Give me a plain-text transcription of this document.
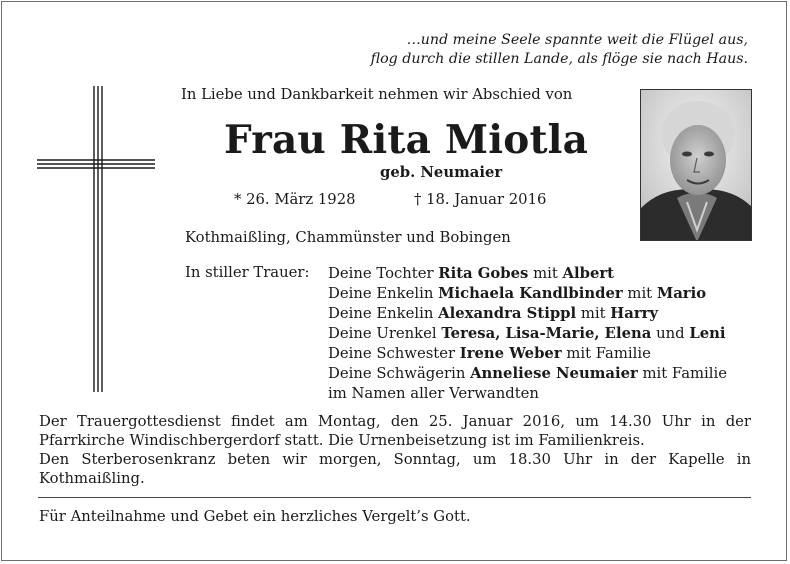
…und meine Seele spannte weit die Flügel aus,
flog durch die stillen Lande, als flöge sie nach Haus.
In Liebe und Dankbarkeit nehmen wir Abschied von
Frau Rita Miotla
geb. Neumaier
* 26. März 1928	† 18. Januar 2016
Kothmaißling, Chammünster und Bobingen
In stiller Trauer: Deine Tochter Rita Gobes mit Albert
Deine Enkelin Michaela Kandlbinder mit Mario
Deine Enkelin Alexandra Stippl mit Harry
Deine Urenkel Teresa, Lisa-Marie, Elena und Leni
Deine Schwester Irene Weber mit Familie
Deine Schwägerin Anneliese Neumaier mit Familie
im Namen aller Verwandten

Der Trauergottesdienst findet am Montag, den 25. Januar 2016, um 14.30 Uhr in der Pfarrkirche Windischbergerdorf statt. Die Urnenbeisetzung ist im Familienkreis.

Den Sterberosenkranz beten wir morgen, Sonntag, um 18.30 Uhr in der Kapelle in Kothmaißling.

Für Anteilnahme und Gebet ein herzliches Vergelt’s Gott.
